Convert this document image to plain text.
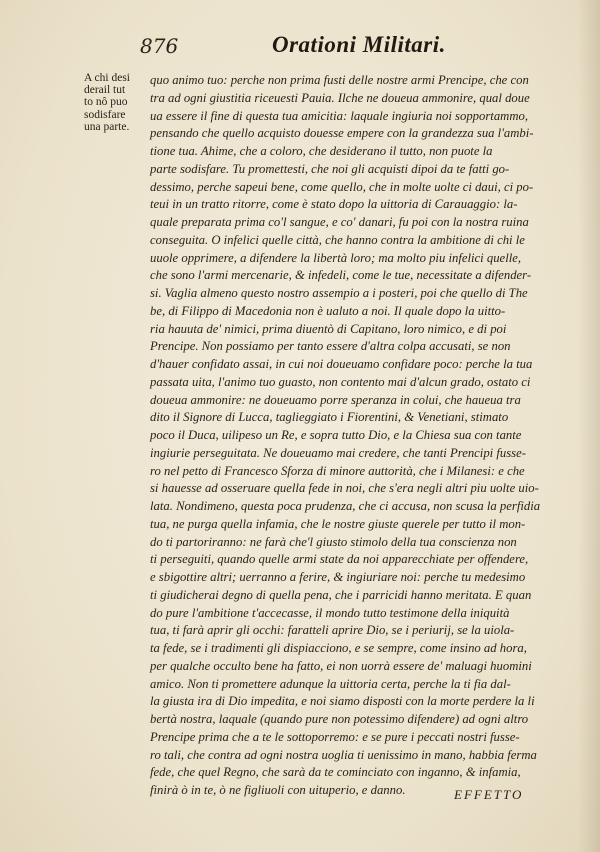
876	Orationi Militari.
A chi desi
derail tut
to nô puo
sodisfare
una parte.
quo animo tuo: perche non prima fusti delle nostre armi Prencipe, che con
tra ad ogni giustitia riceuesti Pauia. Ilche ne doueua ammonire, qual doue
ua essere il fine di questa tua amicitia: laquale ingiuria noi sopportammo,
pensando che quello acquisto douesse empere con la grandezza sua l'ambi-
tione tua. Ahime, che a coloro, che desiderano il tutto, non puote la
parte sodisfare. Tu promettesti, che noi gli acquisti dipoi da te fatti go-
dessimo, perche sapeui bene, come quello, che in molte uolte ci daui, ci po-
teui in un tratto ritorre, come è stato dopo la uittoria di Carauaggio: la-
quale preparata prima co'l sangue, e co' danari, fu poi con la nostra ruina
conseguita. O infelici quelle città, che hanno contra la ambitione di chi le
uuole opprimere, a difendere la libertà loro; ma molto piu infelici quelle,
che sono l'armi mercenarie, & infedeli, come le tue, necessitate a difender-
si. Vaglia almeno questo nostro assempio a i posteri, poi che quello di The
be, di Filippo di Macedonia non è ualuto a noi. Il quale dopo la uitto-
ria hauuta de' nimici, prima diuentò di Capitano, loro nimico, e di poi
Prencipe. Non possiamo per tanto essere d'altra colpa accusati, se non
d'hauer confidato assai, in cui noi doueuamo confidare poco: perche la tua
passata uita, l'animo tuo guasto, non contento mai d'alcun grado, ostato ci
doueua ammonire: ne doueuamo porre speranza in colui, che haueua tra
dito il Signore di Lucca, taglieggiato i Fiorentini, & Venetiani, stimato
poco il Duca, uilipeso un Re, e sopra tutto Dio, e la Chiesa sua con tante
ingiurie perseguitata. Ne doueuamo mai credere, che tanti Prencipi fusse-
ro nel petto di Francesco Sforza di minore auttorità, che i Milanesi: e che
si hauesse ad osseruare quella fede in noi, che s'era negli altri piu uolte uio-
lata. Nondimeno, questa poca prudenza, che ci accusa, non scusa la perfidia
tua, ne purga quella infamia, che le nostre giuste querele per tutto il mon-
do ti partoriranno: ne farà che'l giusto stimolo della tua conscienza non
ti perseguiti, quando quelle armi state da noi apparecchiate per offendere,
e sbigottire altri; uerranno a ferire, & ingiuriare noi: perche tu medesimo
ti giudicherai degno di quella pena, che i parricidi hanno meritata. E quan
do pure l'ambitione t'accecasse, il mondo tutto testimone della iniquità
tua, ti farà aprir gli occhi: faratteli aprire Dio, se i periurij, se la uiola-
ta fede, se i tradimenti gli dispiacciono, e se sempre, come insino ad hora,
per qualche occulto bene ha fatto, ei non uorrà essere de' maluagi huomini
amico. Non ti promettere adunque la uittoria certa, perche la ti fia dal-
la giusta ira di Dio impedita, e noi siamo disposti con la morte perdere la li
bertà nostra, laquale (quando pure non potessimo difendere) ad ogni altro
Prencipe prima che a te le sottoporremo: e se pure i peccati nostri fusse-
ro tali, che contra ad ogni nostra uoglia ti uenissimo in mano, habbia ferma
fede, che quel Regno, che sarà da te cominciato con inganno, & infamia,
finirà ò in te, ò ne figliuoli con uituperio, e danno.	EFFETTO
